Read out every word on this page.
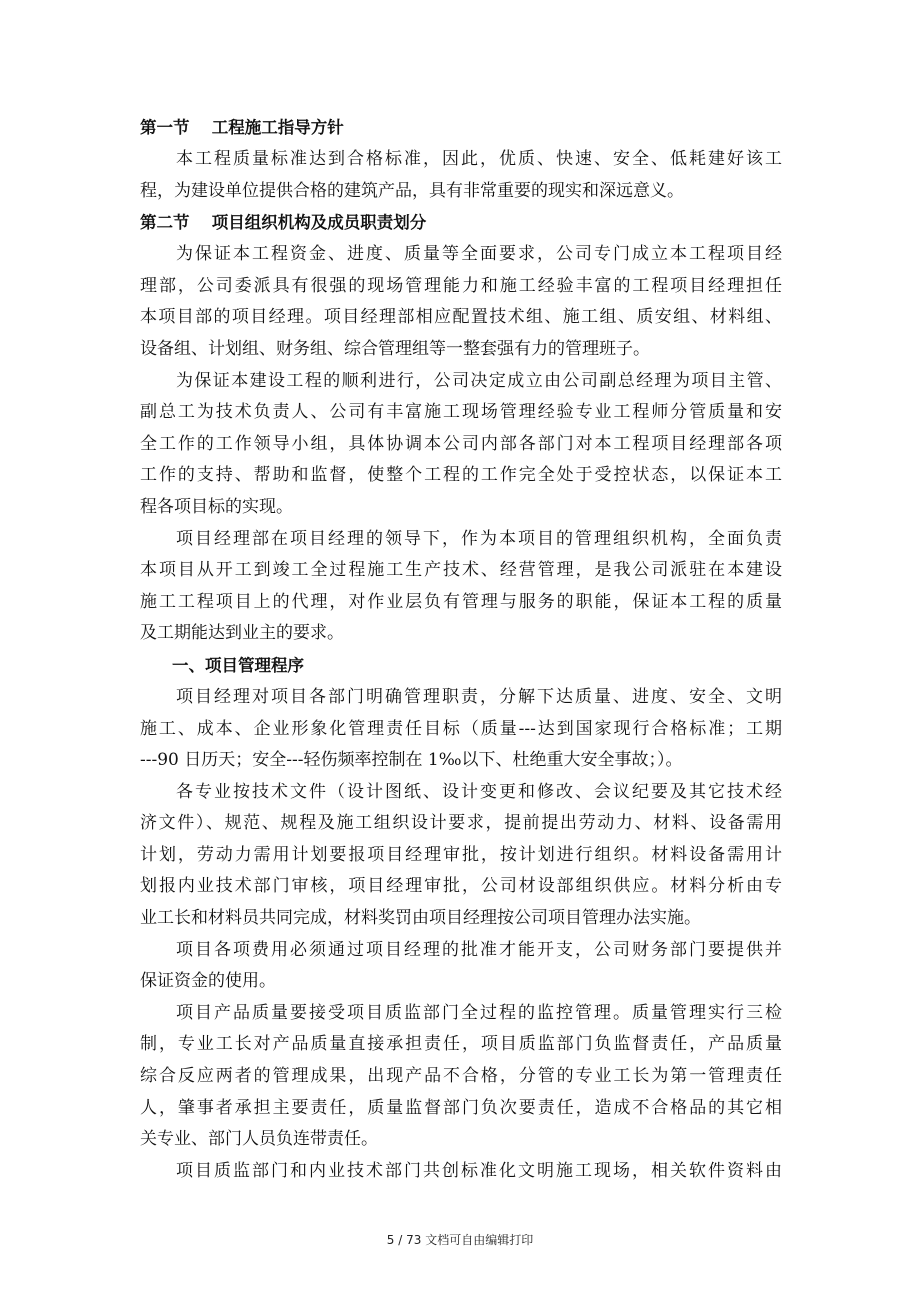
第一节　 工程施工指导方针
本工程质量标准达到合格标准，因此，优质、快速、安全、低耗建好该工
程，为建设单位提供合格的建筑产品，具有非常重要的现实和深远意义。
第二节　 项目组织机构及成员职责划分
为保证本工程资金、进度、质量等全面要求，公司专门成立本工程项目经
理部，公司委派具有很强的现场管理能力和施工经验丰富的工程项目经理担任
本项目部的项目经理。项目经理部相应配置技术组、施工组、质安组、材料组、
设备组、计划组、财务组、综合管理组等一整套强有力的管理班子。
为保证本建设工程的顺利进行，公司决定成立由公司副总经理为项目主管、
副总工为技术负责人、公司有丰富施工现场管理经验专业工程师分管质量和安
全工作的工作领导小组，具体协调本公司内部各部门对本工程项目经理部各项
工作的支持、帮助和监督，使整个工程的工作完全处于受控状态，以保证本工
程各项目标的实现。
项目经理部在项目经理的领导下，作为本项目的管理组织机构，全面负责
本项目从开工到竣工全过程施工生产技术、经营管理，是我公司派驻在本建设
施工工程项目上的代理，对作业层负有管理与服务的职能，保证本工程的质量
及工期能达到业主的要求。
一、项目管理程序
项目经理对项目各部门明确管理职责，分解下达质量、进度、安全、文明
施工、成本、企业形象化管理责任目标（质量---达到国家现行合格标准；工期
---90 日历天；安全---轻伤频率控制在 1‰以下、杜绝重大安全事故；）。
各专业按技术文件（设计图纸、设计变更和修改、会议纪要及其它技术经
济文件）、规范、规程及施工组织设计要求，提前提出劳动力、材料、设备需用
计划，劳动力需用计划要报项目经理审批，按计划进行组织。材料设备需用计
划报内业技术部门审核，项目经理审批，公司材设部组织供应。材料分析由专
业工长和材料员共同完成，材料奖罚由项目经理按公司项目管理办法实施。
项目各项费用必须通过项目经理的批准才能开支，公司财务部门要提供并
保证资金的使用。
项目产品质量要接受项目质监部门全过程的监控管理。质量管理实行三检
制，专业工长对产品质量直接承担责任，项目质监部门负监督责任，产品质量
综合反应两者的管理成果，出现产品不合格，分管的专业工长为第一管理责任
人，肇事者承担主要责任，质量监督部门负次要责任，造成不合格品的其它相
关专业、部门人员负连带责任。
项目质监部门和内业技术部门共创标准化文明施工现场，相关软件资料由
5 / 73 文档可自由编辑打印
